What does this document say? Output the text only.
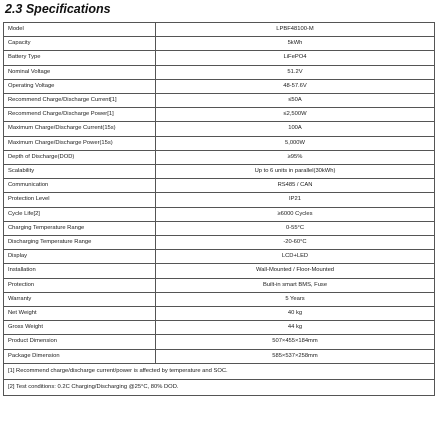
2.3 Specifications
Model	LPBF48100-M
Capacity	5kWh
Battery Type	LiFePO4
Nominal Voltage	51.2V
Operating Voltage	48-57.6V
Recommend Charge/Discharge Current[1]	≤50A
Recommend Charge/Discharge Power[1]	≤2,500W
Maximum Charge/Discharge Current(15s)	100A
Maximum Charge/Discharge Power(15s)	5,000W
Depth of Discharge(DOD)	≥95%
Scalability	Up to 6 units in parallel(30kWh)
Communication	RS485 / CAN
Protection Level	IP21
Cycle Life[2]	≥6000 Cycles
Charging Temperature Range	0-55°C
Discharging Temperature Range	-20-60°C
Display	LCD+LED
Installation	Wall-Mounted / Floor-Mounted
Protection	Built-in smart BMS, Fuse
Warranty	5 Years
Net Weight	40 kg
Gross Weight	44 kg
Product Dimension	507×455×184mm
Package Dimension	585×537×258mm
[1] Recommend charge/discharge current/power is affected by temperature and SOC.	
[2] Test conditions: 0.2C Charging/Discharging @25°C, 80% DOD.	
